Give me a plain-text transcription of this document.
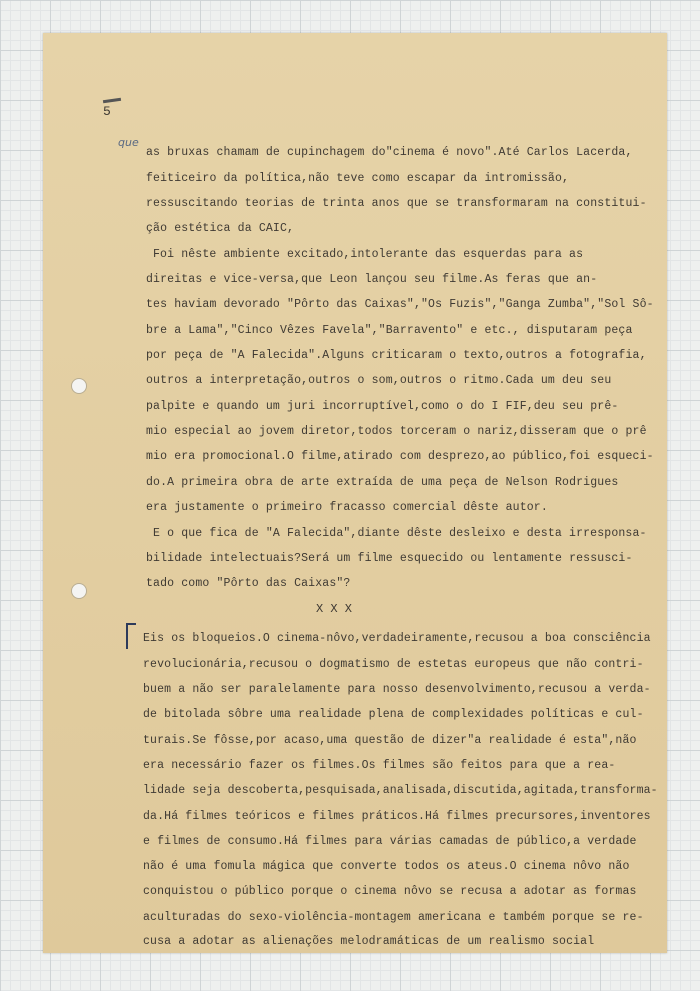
5
que
as bruxas chamam de cupinchagem do"cinema é novo".Até Carlos Lacerda,
feiticeiro da política,não teve como escapar da intromissão,
ressuscitando teorias de trinta anos que se transformaram na constitui-
ção estética da CAIC,
Foi nêste ambiente excitado,intolerante das esquerdas para as
direitas e vice-versa,que Leon lançou seu filme.As feras que an-
tes haviam devorado "Pôrto das Caixas","Os Fuzis","Ganga Zumba","Sol Sô-
bre a Lama","Cinco Vêzes Favela","Barravento" e etc., disputaram peça
por peça de "A Falecida".Alguns criticaram o texto,outros a fotografia,
outros a interpretação,outros o som,outros o ritmo.Cada um deu seu
palpite e quando um juri incorruptível,como o do I FIF,deu seu prê-
mio especial ao jovem diretor,todos torceram o nariz,disseram que o prê
mio era promocional.O filme,atirado com desprezo,ao público,foi esqueci-
do.A primeira obra de arte extraída de uma peça de Nelson Rodrigues
era justamente o primeiro fracasso comercial dêste autor.
E o que fica de "A Falecida",diante dêste desleixo e desta irresponsa-
bilidade intelectuais?Será um filme esquecido ou lentamente ressusci-
tado como "Pôrto das Caixas"?
X X X
Eis os bloqueios.O cinema-nôvo,verdadeiramente,recusou a boa consciência
revolucionária,recusou o dogmatismo de estetas europeus que não contri-
buem a não ser paralelamente para nosso desenvolvimento,recusou a verda-
de bitolada sôbre uma realidade plena de complexidades políticas e cul-
turais.Se fôsse,por acaso,uma questão de dizer"a realidade é esta",não
era necessário fazer os filmes.Os filmes são feitos para que a rea-
lidade seja descoberta,pesquisada,analisada,discutida,agitada,transforma-
da.Há filmes teóricos e filmes práticos.Há filmes precursores,inventores
e filmes de consumo.Há filmes para várias camadas de público,a verdade
não é uma fomula mágica que converte todos os ateus.O cinema nôvo não
conquistou o público porque o cinema nôvo se recusa a adotar as formas
aculturadas do sexo-violência-montagem americana e também porque se re-
cusa a adotar as alienações melodramáticas de um realismo social
